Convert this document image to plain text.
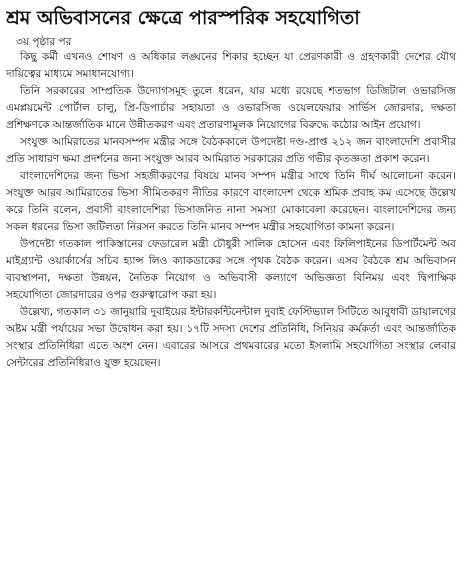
শ্রম অভিবাসনের ক্ষেত্রে পারস্পরিক সহযোগিতা
৩য় পৃষ্ঠার পর

কিছু কর্মী এখনও শোষণ ও অধিকার লঙ্ঘনের শিকার হচ্ছেন যা প্রেরণকারী ও গ্রহণকারী দেশের যৌথ দায়িত্বের মাধ্যমে সমাধানযোগ্য।

তিনি সরকারের সাম্প্রতিক উদ্যোগসমূহ তুলে ধরেন, যার মধ্যে রয়েছে শতভাগ ডিজিটাল ওভারসিজ এমপ্লয়মেন্ট পোর্টাল চালু, প্রি-ডিপার্চার সহায়তা ও ওভারসিজ ওয়েলফেয়ার সার্ভিস জোরদার, দক্ষতা প্রশিক্ষণকে আন্তর্জাতিক মানে উন্নীতকরণ এবং প্রতারণামূলক নিয়োগের বিরুদ্ধে কঠোর আইন প্রয়োগ।

সংযুক্ত আমিরাতের মানবসম্পদ মন্ত্রীর সঙ্গে বৈঠককালে উপদেষ্টা দণ্ড-প্রাপ্ত ২১২ জন বাংলাদেশি প্রবাসীর প্রতি সাধারণ ক্ষমা প্রদর্শনের জন্য সংযুক্ত আরব আমিরাত সরকারের প্রতি গভীর কৃতজ্ঞতা প্রকাশ করেন।

বাংলাদেশিদের জন্য ভিসা সহজীকরণের বিষয়ে মানব সম্পদ মন্ত্রীর সাথে তিনি দীর্ঘ আলোচনা করেন। সংযুক্ত আরব আমিরাতের ভিসা সীমিতকরণ নীতির কারণে বাংলাদেশ থেকে শ্রমিক প্রবাহ কম এসেছে উল্লেখ করে তিনি বলেন, প্রবাসী বাংলাদেশিরা ভিসাজনিত নানা সমস্যা মোকাবেলা করেছেন। বাংলাদেশিদের জন্য সকল ধরনের ভিসা জটিলতা নিরসন করতে তিনি মানব সম্পদ মন্ত্রীর সহযোগিতা কামনা করেন।

উপদেষ্টা গতকাল পাকিস্তানের ফেডারেল মন্ত্রী চৌধুরী সালিক হোসেন এবং ফিলিপাইনের ডিপার্টমেন্ট অব মাইগ্র্যান্ট ওয়ার্কার্সের সচিব হ্যান্স লিও ক্যাকডাকের সঙ্গে পৃথক বৈঠক করেন। এসব বৈঠকে শ্রম অভিবাসন ব্যবস্থাপনা, দক্ষতা উন্নয়ন, নৈতিক নিয়োগ ও অভিবাসী কল্যাণে অভিজ্ঞতা বিনিময় এবং দ্বিপাক্ষিক সহযোগিতা জোরদারের ওপর গুরুত্বারোপ করা হয়।

উল্লেখ্য, গতকাল ৩১ জানুয়ারি দুবাইয়ের ইন্টারকন্টিনেন্টাল দুবাই ফেস্টিভ্যাল সিটিতে আবুধাবী ডায়ালগের অষ্টম মন্ত্রী পর্যায়ের সভা উদ্বোধন করা হয়। ১৭টি সদস্য দেশের প্রতিনিধি, সিনিয়র কর্মকর্তা এবং আন্তর্জাতিক সংস্থার প্রতিনিধিরা এতে অংশ নেন। এবারের আসরে প্রথমবারের মতো ইসলামি সহযোগিতা সংস্থার লেবার সেন্টারের প্রতিনিধিরাও যুক্ত হয়েছেন।
